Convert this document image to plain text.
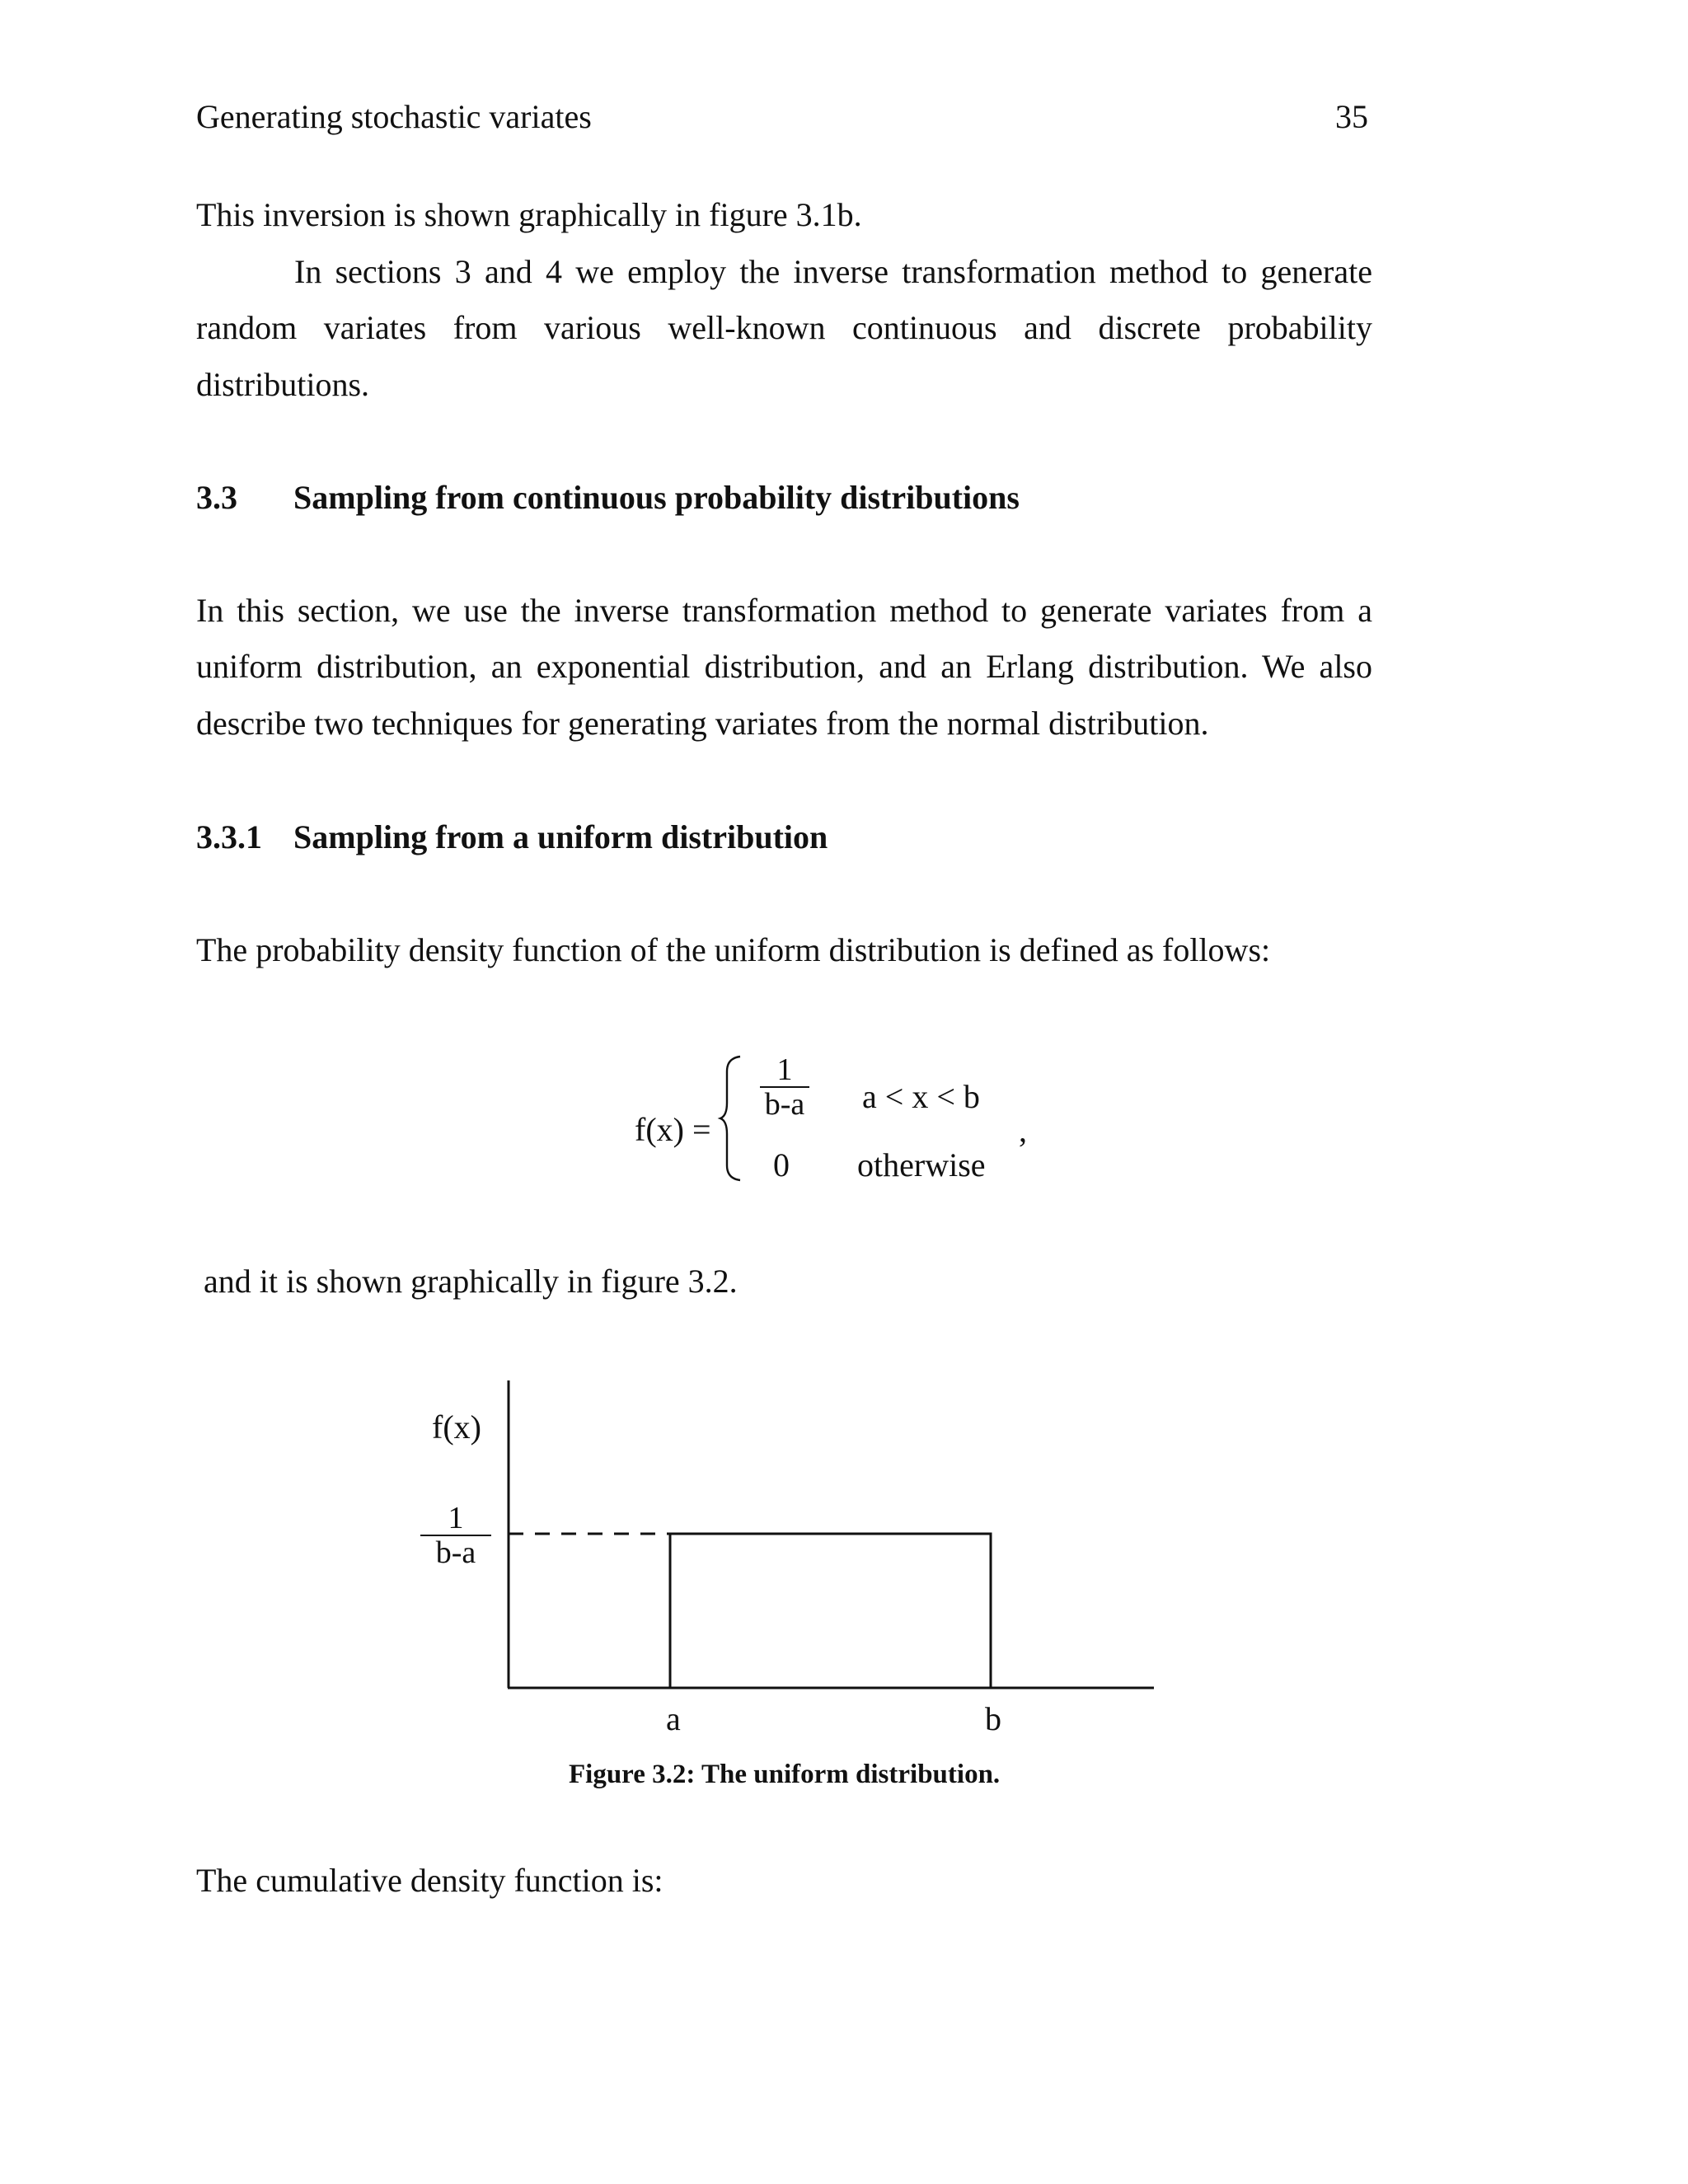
Generating stochastic variates	35
This inversion is shown graphically in figure 3.1b.
In sections 3 and 4 we employ the inverse transformation method to generate
random variates from various well-known continuous and discrete probability
distributions.
3.3 Sampling from continuous probability distributions
In this section, we use the inverse transformation method to generate variates from a
uniform distribution, an exponential distribution, and an Erlang distribution. We also
describe two techniques for generating variates from the normal distribution.
3.3.1 Sampling from a uniform distribution
The probability density function of the uniform distribution is defined as follows:
f(x) =
$\frac{1}{b-a}$ a < x < b
0 otherwise
,
and it is shown graphically in figure 3.2.
f(x)
$\frac{1}{b-a}$
a	b
Figure 3.2: The uniform distribution.
The cumulative density function is:
